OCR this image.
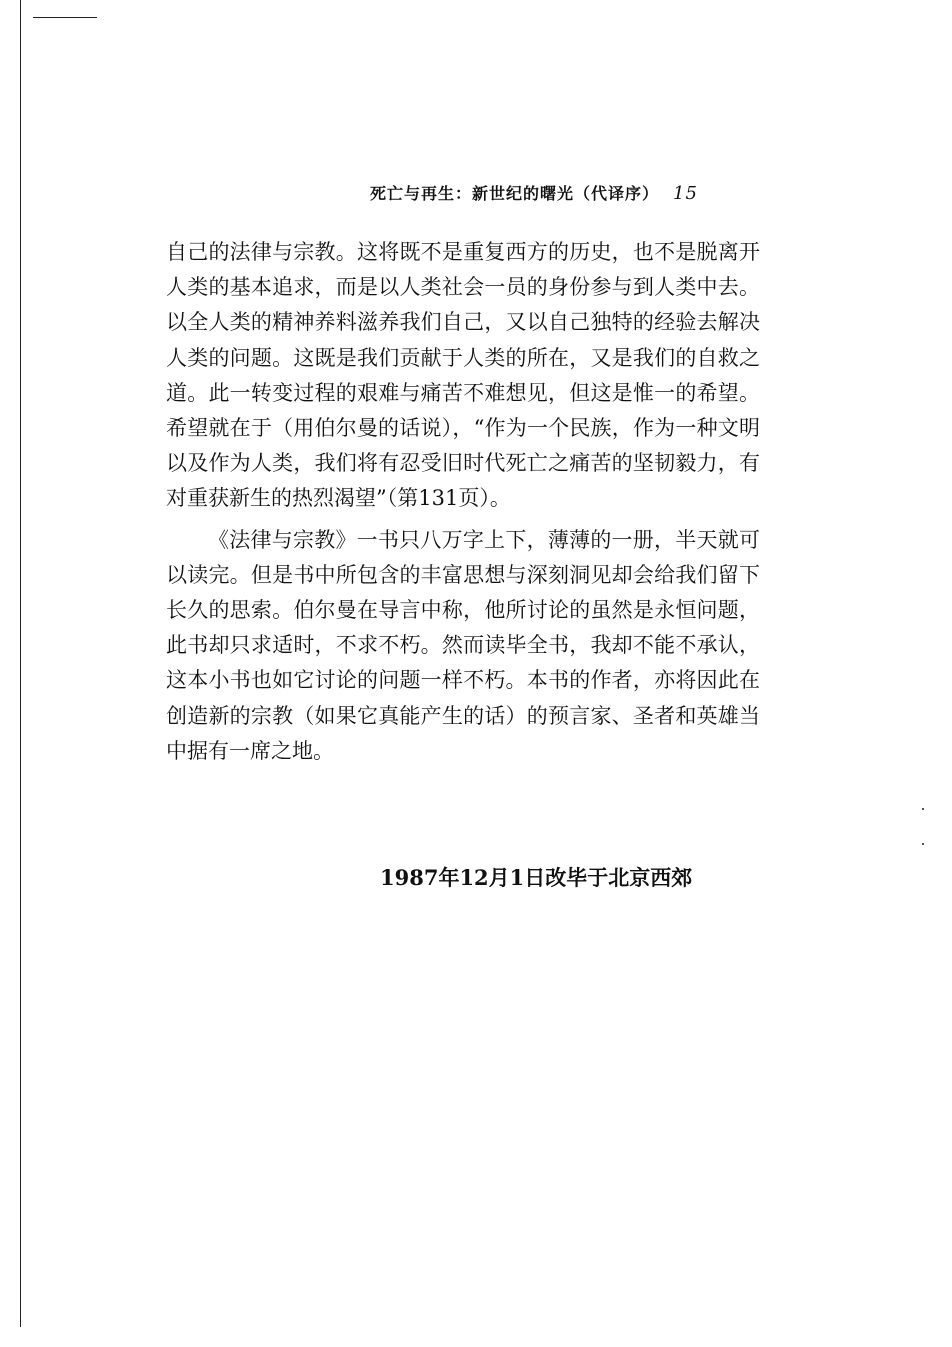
死亡与再生：新世纪的曙光（代译序） 15

自己的法律与宗教。这将既不是重复西方的历史，也不是脱离开人类的基本追求，而是以人类社会一员的身份参与到人类中去。以全人类的精神养料滋养我们自己，又以自己独特的经验去解决人类的问题。这既是我们贡献于人类的所在，又是我们的自救之道。此一转变过程的艰难与痛苦不难想见，但这是惟一的希望。希望就在于（用伯尔曼的话说），“作为一个民族，作为一种文明以及作为人类，我们将有忍受旧时代死亡之痛苦的坚韧毅力，有对重获新生的热烈渴望”（第131页）。

《法律与宗教》一书只八万字上下，薄薄的一册，半天就可以读完。但是书中所包含的丰富思想与深刻洞见却会给我们留下长久的思索。伯尔曼在导言中称，他所讨论的虽然是永恒问题，此书却只求适时，不求不朽。然而读毕全书，我却不能不承认，这本小书也如它讨论的问题一样不朽。本书的作者，亦将因此在创造新的宗教（如果它真能产生的话）的预言家、圣者和英雄当中据有一席之地。

1987年12月1日改毕于北京西郊
